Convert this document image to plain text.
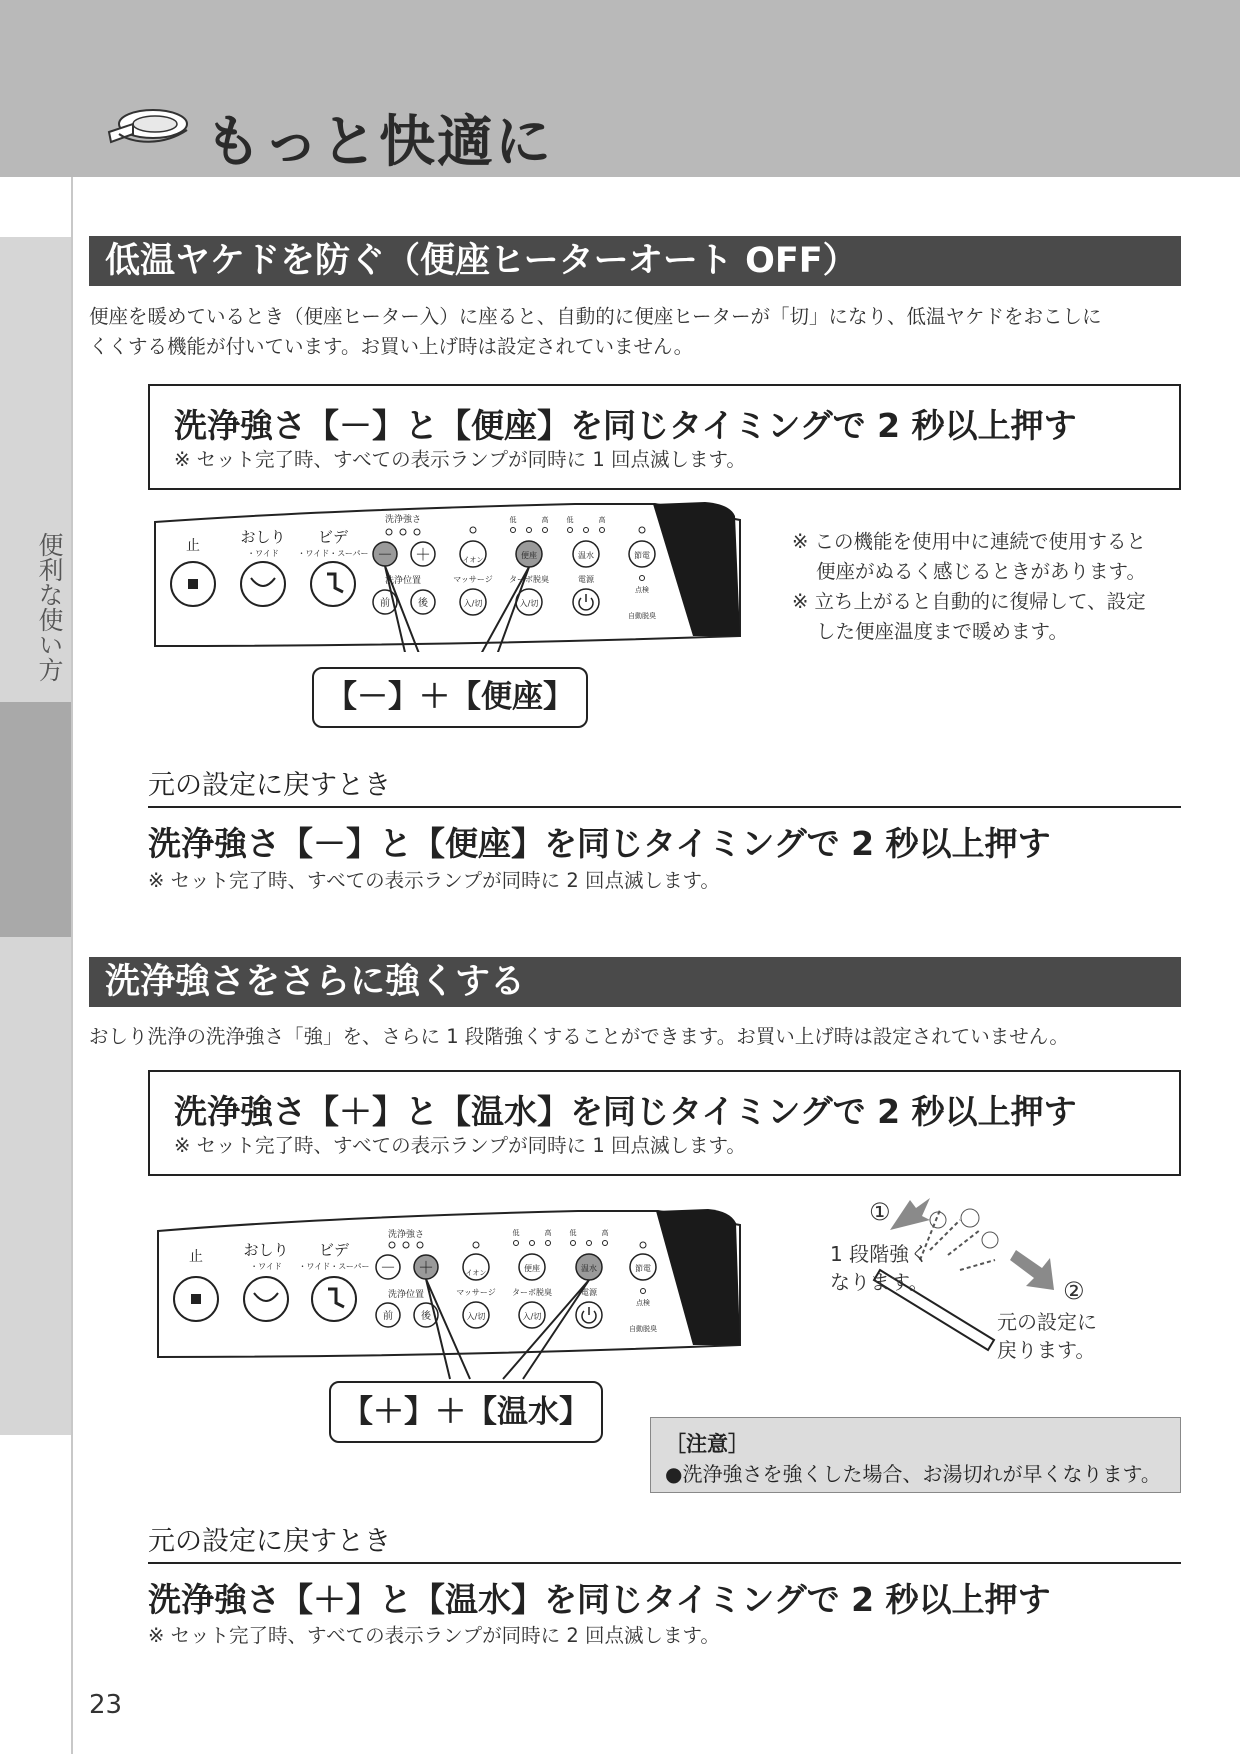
もっと快適に
便利な使い方
低温ヤケドを防ぐ（便座ヒーターオート OFF）
便座を暖めているとき（便座ヒーター入）に座ると、自動的に便座ヒーターが「切」になり、低温ヤケドをおこしに
くくする機能が付いています。お買い上げ時は設定されていません。
洗浄強さ【－】と【便座】を同じタイミングで 2 秒以上押す
※ セット完了時、すべての表示ランプが同時に 1 回点滅します。
止	おしり
・ワイド
ビデ
・ワイド・スーパー
洗浄強さ
－ ＋
洗浄位置
前	後
イオン
マッサージ
入/切
低	高	低	高
便座
ターボ脱臭
入/切
温水
電源
節電
点検
自動脱臭
【－】＋【便座】
※ この機能を使用中に連続で使用すると
便座がぬるく感じるときがあります。
※ 立ち上がると自動的に復帰して、設定
した便座温度まで暖めます。
元の設定に戻すとき
洗浄強さ【－】と【便座】を同じタイミングで 2 秒以上押す
※ セット完了時、すべての表示ランプが同時に 2 回点滅します。
洗浄強さをさらに強くする
おしり洗浄の洗浄強さ「強」を、さらに 1 段階強くすることができます。お買い上げ時は設定されていません。
洗浄強さ【＋】と【温水】を同じタイミングで 2 秒以上押す
※ セット完了時、すべての表示ランプが同時に 1 回点滅します。
止	おしり
・ワイド
ビデ
・ワイド・スーパー
洗浄強さ
－ ＋
洗浄位置
前	後
イオン
マッサージ
入/切
低	高	低	高
便座
ターボ脱臭
入/切
温水
電源
節電
点検
自動脱臭
【＋】＋【温水】
①
1 段階強く
なります。	②
元の設定に
戻ります。
［注意］
●洗浄強さを強くした場合、お湯切れが早くなります。
元の設定に戻すとき
洗浄強さ【＋】と【温水】を同じタイミングで 2 秒以上押す
※ セット完了時、すべての表示ランプが同時に 2 回点滅します。
23
